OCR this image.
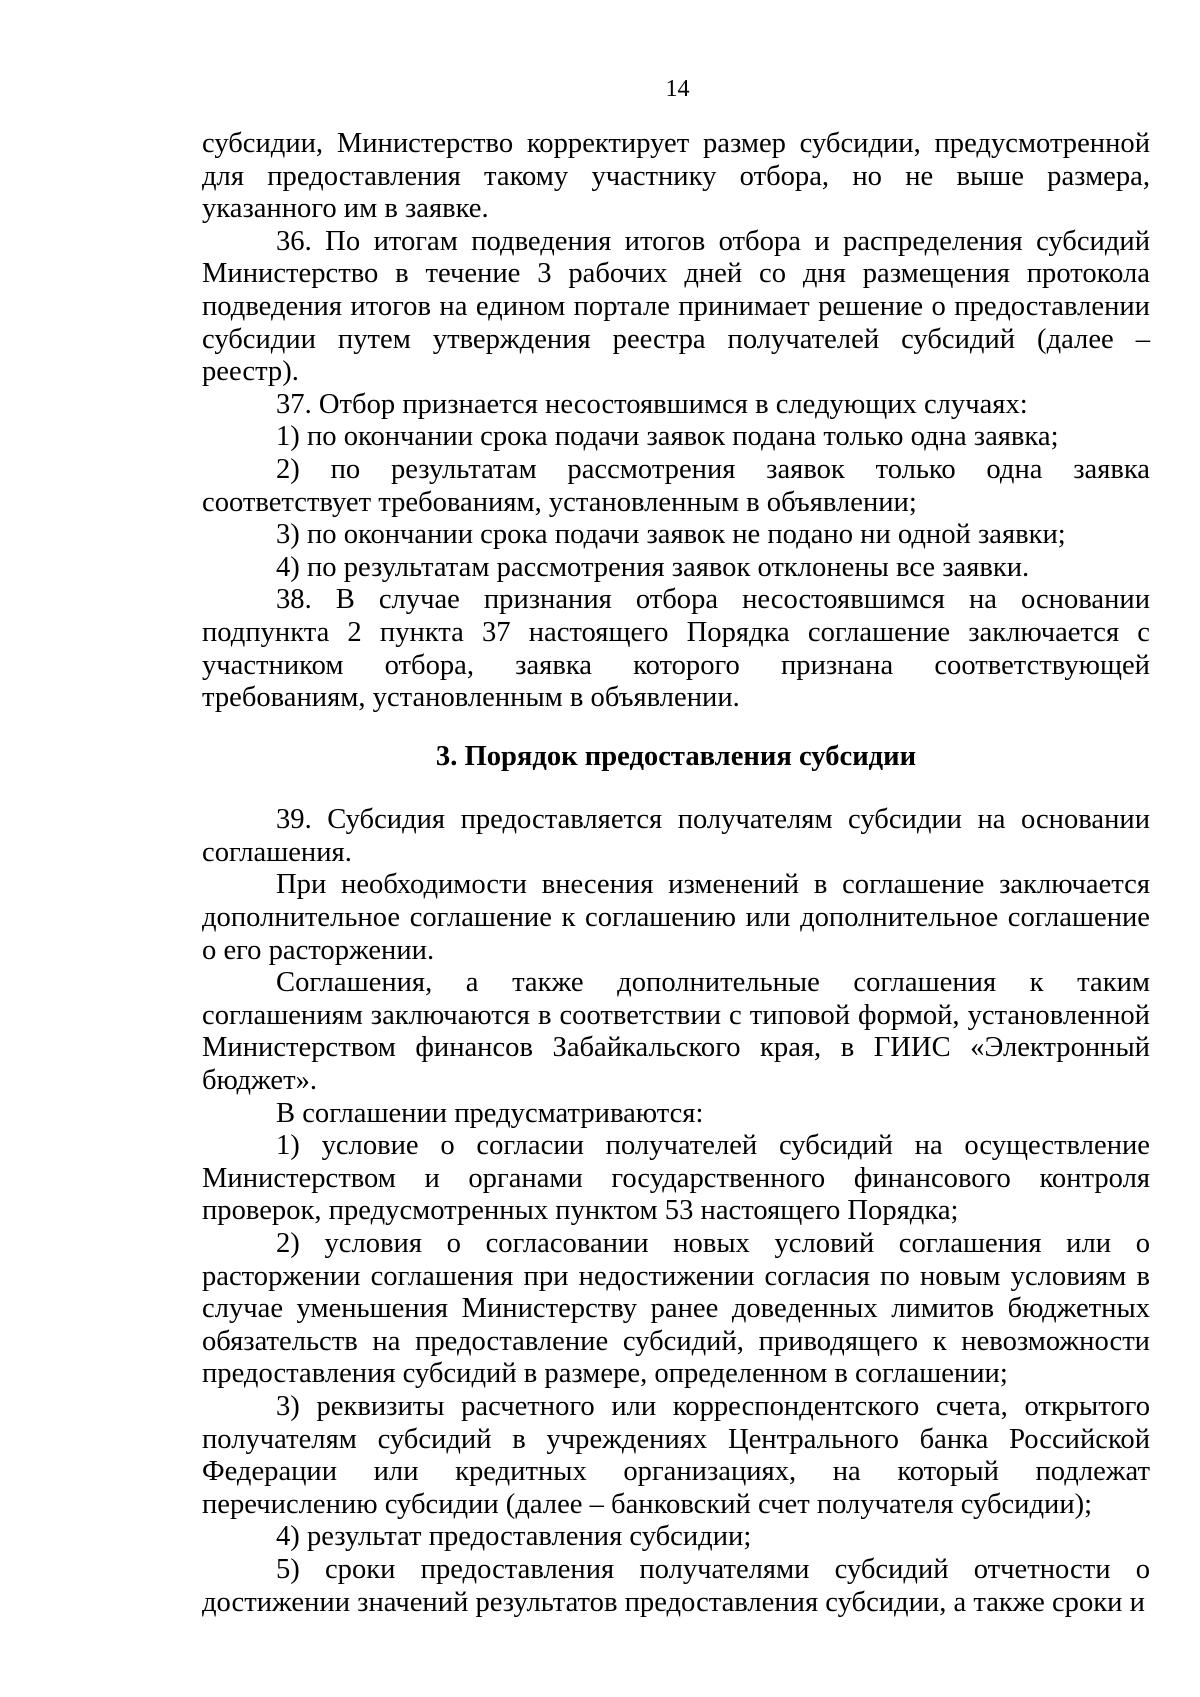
14

субсидии, Министерство корректирует размер субсидии, предусмотренной для предоставления такому участнику отбора, но не выше размера, указанного им в заявке.

36. По итогам подведения итогов отбора и распределения субсидий Министерство в течение 3 рабочих дней со дня размещения протокола подведения итогов на едином портале принимает решение о предоставлении субсидии путем утверждения реестра получателей субсидий (далее – реестр).

37. Отбор признается несостоявшимся в следующих случаях:

1) по окончании срока подачи заявок подана только одна заявка;

2) по результатам рассмотрения заявок только одна заявка соответствует требованиям, установленным в объявлении;

3) по окончании срока подачи заявок не подано ни одной заявки;

4) по результатам рассмотрения заявок отклонены все заявки.

38. В случае признания отбора несостоявшимся на основании подпункта 2 пункта 37 настоящего Порядка соглашение заключается с участником отбора, заявка которого признана соответствующей требованиям, установленным в объявлении.

3. Порядок предоставления субсидии

39. Субсидия предоставляется получателям субсидии на основании соглашения.

При необходимости внесения изменений в соглашение заключается дополнительное соглашение к соглашению или дополнительное соглашение о его расторжении.

Соглашения, а также дополнительные соглашения к таким соглашениям заключаются в соответствии с типовой формой, установленной Министерством финансов Забайкальского края, в ГИИС «Электронный бюджет».

В соглашении предусматриваются:

1) условие о согласии получателей субсидий на осуществление Министерством и органами государственного финансового контроля проверок, предусмотренных пунктом 53 настоящего Порядка;

2) условия о согласовании новых условий соглашения или о расторжении соглашения при недостижении согласия по новым условиям в случае уменьшения Министерству ранее доведенных лимитов бюджетных обязательств на предоставление субсидий, приводящего к невозможности предоставления субсидий в размере, определенном в соглашении;

3) реквизиты расчетного или корреспондентского счета, открытого получателям субсидий в учреждениях Центрального банка Российской Федерации или кредитных организациях, на который подлежат перечислению субсидии (далее – банковский счет получателя субсидии);

4) результат предоставления субсидии;

5) сроки предоставления получателями субсидий отчетности о достижении значений результатов предоставления субсидии, а также сроки и
